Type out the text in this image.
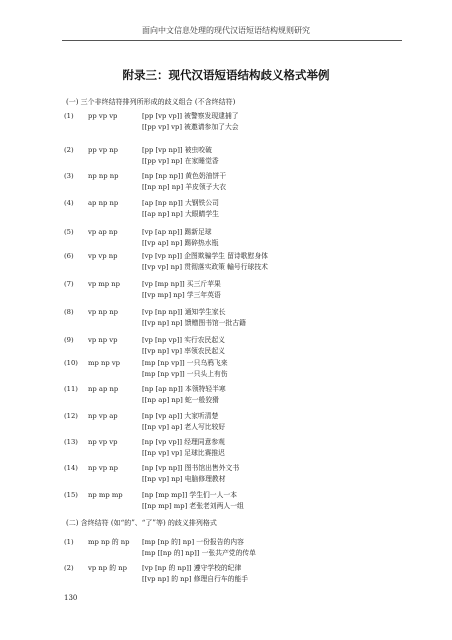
面向中文信息处理的现代汉语短语结构规则研究
附录三：现代汉语短语结构歧义格式举例
(一) 三个非终结符排列所形成的歧义组合 (不含终结符)
(二) 含终结符 (如“的”、“了”等) 的歧义排列格式
(1) pp vp vp	[pp [vp vp]] 被警察发现逮捕了
[[pp vp] vp] 被邀请参加了大会
(2) pp vp np	[pp [vp np]] 被虫咬破
[[pp vp] np] 在家睡觉香
(3) np np np	[np [np np]] 黄色奶油饼干
[[np np] np] 羊皮领子大衣
(4) ap np np	[ap [np np]] 大钢铁公司
[[ap np] np] 大眼睛学生
(5) vp ap np	[vp [ap np]] 踢新足球
[[vp ap] np] 踢碎热水瓶
(6) vp vp np	[vp [vp np]] 企图欺骗学生 留诗歌慰身体
[[vp vp] np] 贯彻落实政策 輸号行球技术
(7) vp mp np	[vp [mp np]] 买三斤苹果
[[vp mp] np] 学三年英语
(8) vp np np	[vp [np np]] 通知学生家长
[[vp np] np] 馈赠图书馆一批古籍
(9) vp np vp	[vp [np vp]] 实行农民起义
[[vp np] vp] 率领农民起义
(10) mp np vp	[mp [np vp]] 一只乌鸦飞来
[mp [np vp]] 一只头上有伤
(11) np ap np	[np [ap np]] 本领特轻半寒
[[np ap] np] 蛇一般狡猾
(12) np vp ap	[np [vp ap]] 大家听清楚
[[np vp] ap] 老人写比较好
(13) np vp vp	[np [vp vp]] 经理同意参观
[[np vp] vp] 足球比赛推迟
(14) np vp np	[np [vp np]] 图书馆出售外文书
[[np vp] np] 电脑修理教材
(15) np mp mp	[np [mp mp]] 学生们一人一本
[[np mp] mp] 老张老刘两人一组
(1) mp np 的 np [mp [np 的] np] 一份报告的内容
[mp [[np 的] np]] 一张共产党的传单
(2) vp np 的 np [vp [np 的 np]] 遵守学校的纪律
[[vp np] 的 np] 修理自行车的能手
130
